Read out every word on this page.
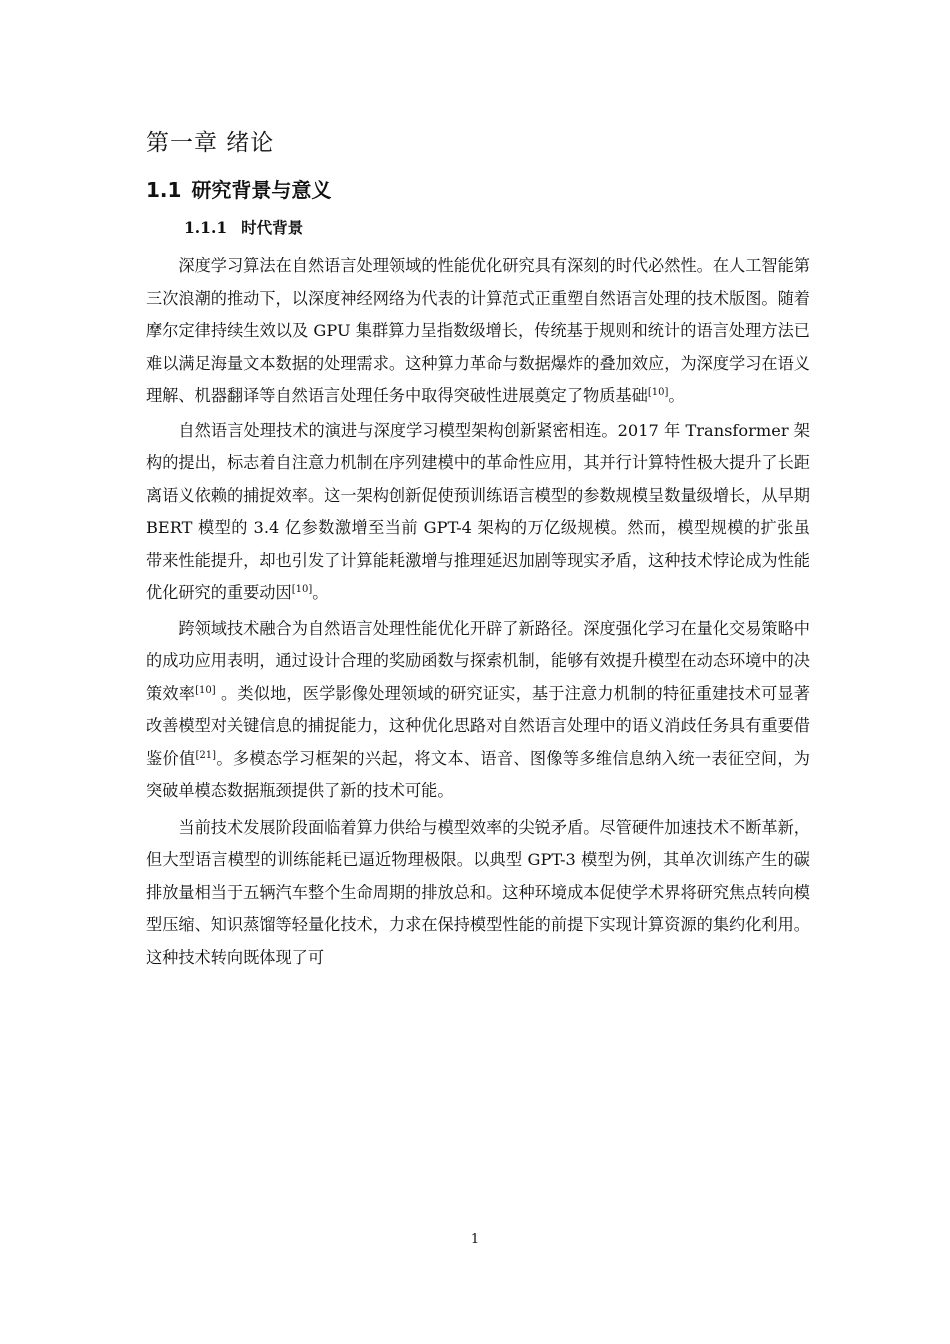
第一章 绪论
1.1 研究背景与意义
1.1.1 时代背景

深度学习算法在自然语言处理领域的性能优化研究具有深刻的时代必然性。在人工智能第三次浪潮的推动下，以深度神经网络为代表的计算范式正重塑自然语言处理的技术版图。随着摩尔定律持续生效以及 GPU 集群算力呈指数级增长，传统基于规则和统计的语言处理方法已难以满足海量文本数据的处理需求。这种算力革命与数据爆炸的叠加效应，为深度学习在语义理解、机器翻译等自然语言处理任务中取得突破性进展奠定了物质基础[10]。

自然语言处理技术的演进与深度学习模型架构创新紧密相连。2017 年 Transformer 架构的提出，标志着自注意力机制在序列建模中的革命性应用，其并行计算特性极大提升了长距离语义依赖的捕捉效率。这一架构创新促使预训练语言模型的参数规模呈数量级增长，从早期 BERT 模型的 3.4 亿参数激增至当前 GPT-4 架构的万亿级规模。然而，模型规模的扩张虽带来性能提升，却也引发了计算能耗激增与推理延迟加剧等现实矛盾，这种技术悖论成为性能优化研究的重要动因[10]。

跨领域技术融合为自然语言处理性能优化开辟了新路径。深度强化学习在量化交易策略中的成功应用表明，通过设计合理的奖励函数与探索机制，能够有效提升模型在动态环境中的决策效率[10] 。类似地，医学影像处理领域的研究证实，基于注意力机制的特征重建技术可显著改善模型对关键信息的捕捉能力，这种优化思路对自然语言处理中的语义消歧任务具有重要借鉴价值[21]。多模态学习框架的兴起，将文本、语音、图像等多维信息纳入统一表征空间，为突破单模态数据瓶颈提供了新的技术可能。

当前技术发展阶段面临着算力供给与模型效率的尖锐矛盾。尽管硬件加速技术不断革新，但大型语言模型的训练能耗已逼近物理极限。以典型 GPT-3 模型为例，其单次训练产生的碳排放量相当于五辆汽车整个生命周期的排放总和。这种环境成本促使学术界将研究焦点转向模型压缩、知识蒸馏等轻量化技术，力求在保持模型性能的前提下实现计算资源的集约化利用。这种技术转向既体现了可

1
